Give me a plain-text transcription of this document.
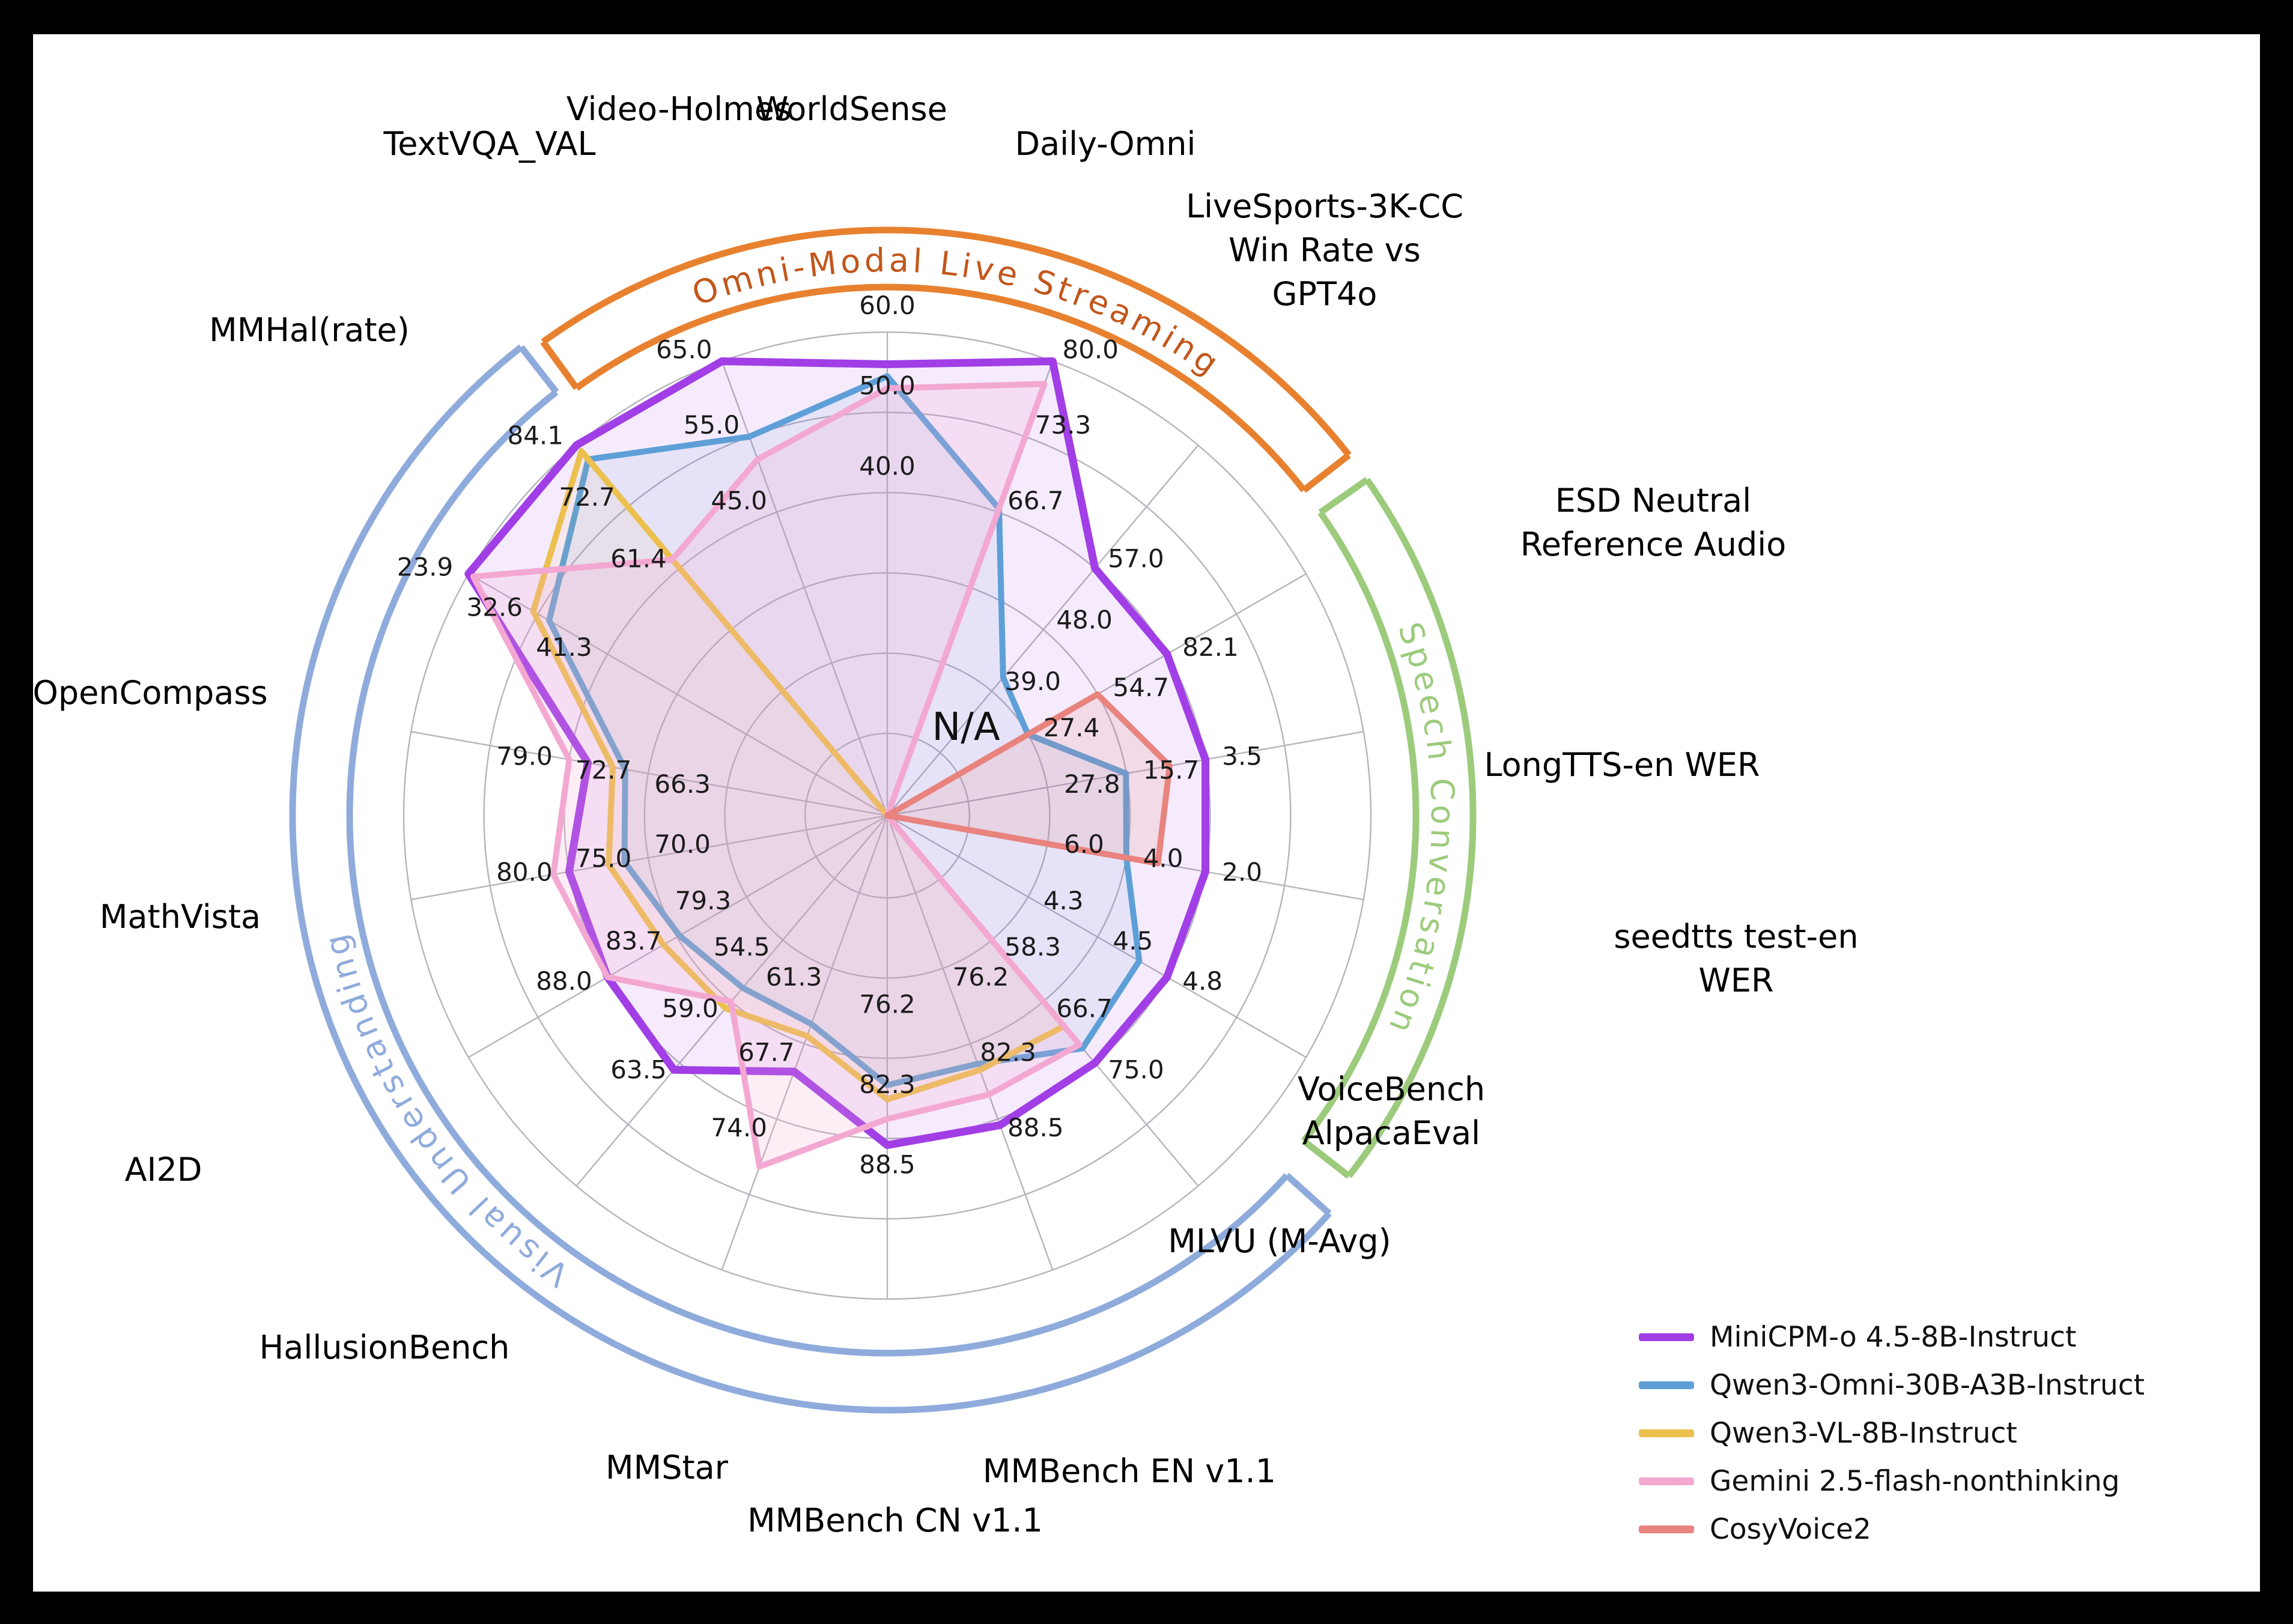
Omni-Modal Live Streaming
Speech Conversation
Visual Understanding
40.0
50.0
60.0
66.7
73.3
80.0
39.0
48.0
57.0
27.4
54.7
82.1
27.8 15.7 3.5
6.0 4.0 2.0
4.3
4.5
4.8
58.3
66.7
75.0
76.2
82.3
88.5
76.2
82.3
88.5
61.3
67.7
74.0
54.5
59.0
63.5
79.3
83.7
88.0
70.0
75.0
80.0
66.3
72.7
79.0
41.3
32.6
23.9	61.4
72.7
84.1
45.0
55.0
65.0
N/A
WorldSense
Daily-Omni
LiveSports-3K-CC Win Rate vs GPT4o
ESD Neutral Reference Audio
LongTTS-en WER
seedtts test-en WER
VoiceBench AlpacaEval
MLVU (M-Avg)
MMBench EN v1.1
MMBench CN v1.1
MMStar
HallusionBench
AI2D
MathVista
OpenCompass
MMHal(rate)
TextVQA_VAL
Video-Holmes
MiniCPM-o 4.5-8B-Instruct
Qwen3-Omni-30B-A3B-Instruct
Qwen3-VL-8B-Instruct
Gemini 2.5-flash-nonthinking
CosyVoice2
